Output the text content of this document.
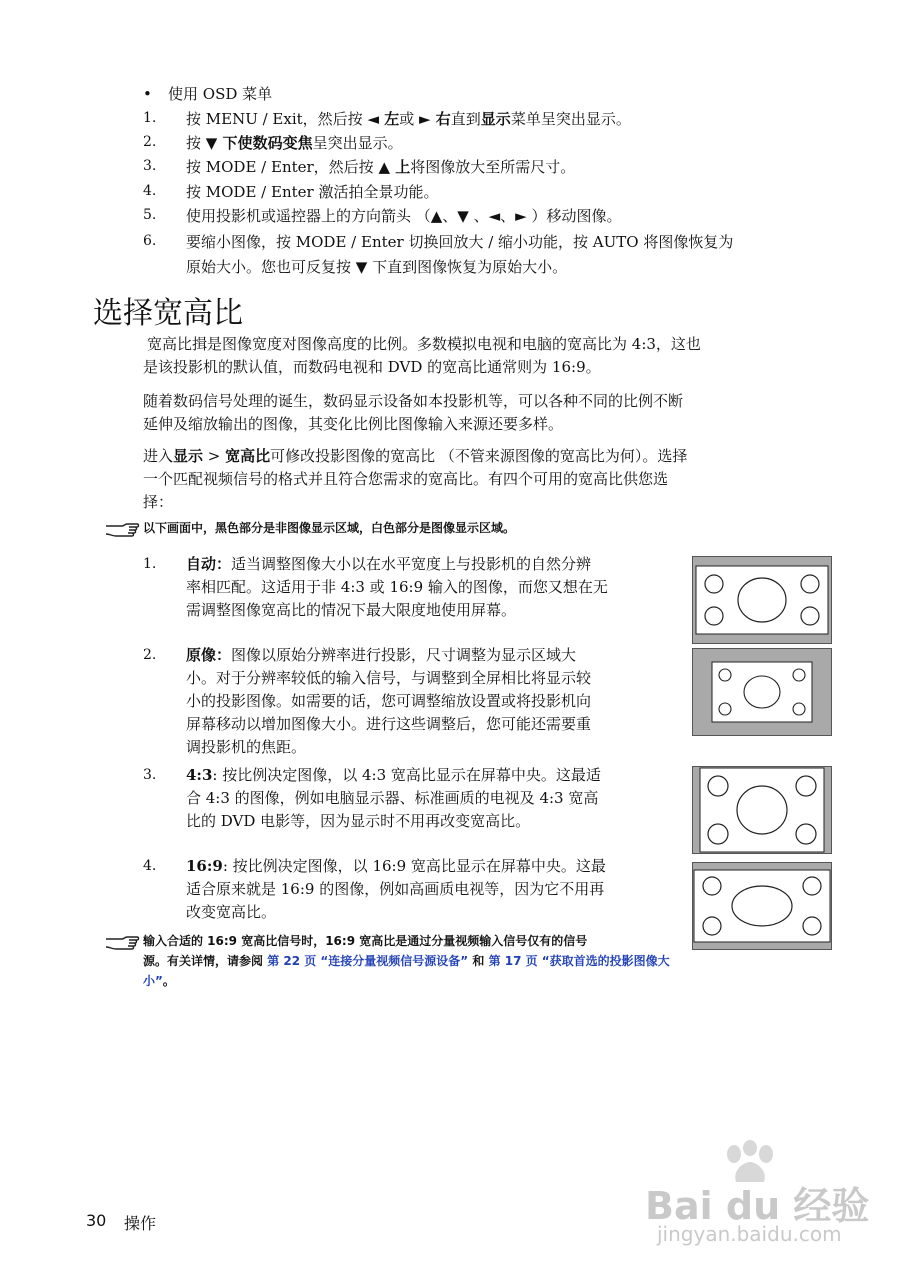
• 使用 OSD 菜单
1. 按 MENU / Exit，然后按 ◄ 左或 ► 右直到显示菜单呈突出显示。
2. 按 ▼ 下使数码变焦呈突出显示。
3. 按 MODE / Enter，然后按 ▲ 上将图像放大至所需尺寸。
4. 按 MODE / Enter 激活拍全景功能。
5. 使用投影机或遥控器上的方向箭头 （▲、▼ 、◄、► ）移动图像。
6. 要缩小图像，按 MODE / Enter 切换回放大 / 缩小功能，按 AUTO 将图像恢复为
原始大小。您也可反复按 ▼ 下直到图像恢复为原始大小。
选择宽高比
宽高比揖是图像宽度对图像高度的比例。多数模拟电视和电脑的宽高比为 4:3，这也
是该投影机的默认值，而数码电视和 DVD 的宽高比通常则为 16:9。
随着数码信号处理的诞生，数码显示设备如本投影机等，可以各种不同的比例不断
延伸及缩放输出的图像，其变化比例比图像输入来源还要多样。
进入显示 > 宽高比可修改投影图像的宽高比 （不管来源图像的宽高比为何）。选择
一个匹配视频信号的格式并且符合您需求的宽高比。有四个可用的宽高比供您选
择：
以下画面中，黑色部分是非图像显示区域，白色部分是图像显示区域。
1. 自动：适当调整图像大小以在水平宽度上与投影机的自然分辨
率相匹配。这适用于非 4:3 或 16:9 输入的图像，而您又想在无
需调整图像宽高比的情况下最大限度地使用屏幕。
2. 原像：图像以原始分辨率进行投影，尺寸调整为显示区域大
小。对于分辨率较低的输入信号，与调整到全屏相比将显示较
小的投影图像。如需要的话，您可调整缩放设置或将投影机向
屏幕移动以增加图像大小。进行这些调整后，您可能还需要重
调投影机的焦距。
3. 4:3: 按比例决定图像，以 4:3 宽高比显示在屏幕中央。这最适
合 4:3 的图像，例如电脑显示器、标准画质的电视及 4:3 宽高
比的 DVD 电影等，因为显示时不用再改变宽高比。
4. 16:9: 按比例决定图像，以 16:9 宽高比显示在屏幕中央。这最
适合原来就是 16:9 的图像，例如高画质电视等，因为它不用再
改变宽高比。
输入合适的 16:9 宽高比信号时，16:9 宽高比是通过分量视频输入信号仅有的信号
源。有关详情，请参阅 第 22 页 “连接分量视频信号源设备” 和 第 17 页 “获取首选的投影图像大
小”。
Bai du 经验
jingyan.baidu.com
30 操作
